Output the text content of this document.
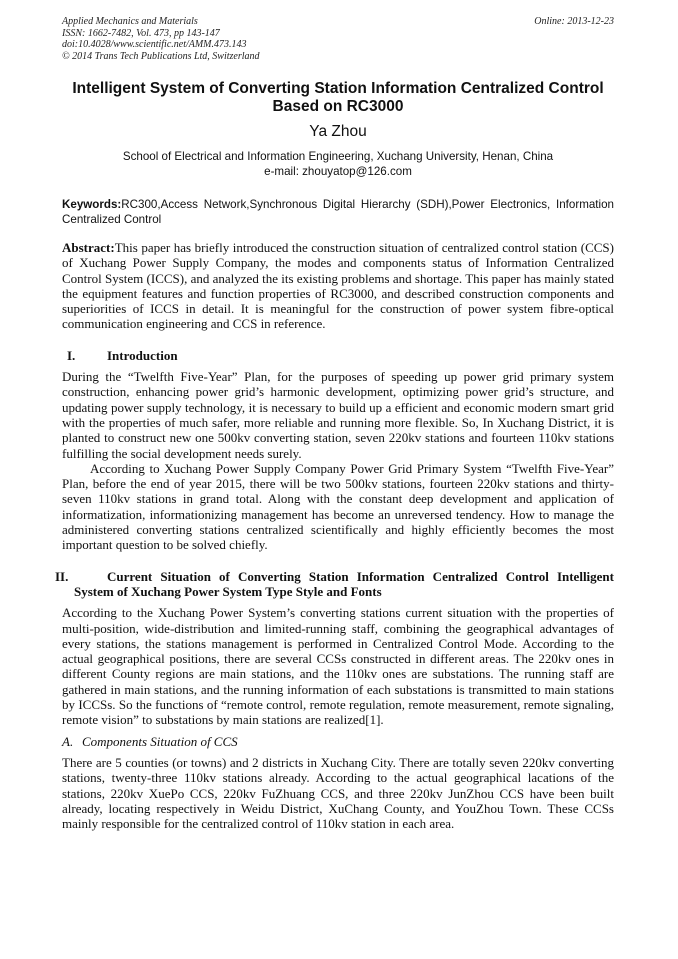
Applied Mechanics and Materials
ISSN: 1662-7482, Vol. 473, pp 143-147
doi:10.4028/www.scientific.net/AMM.473.143
© 2014 Trans Tech Publications Ltd, Switzerland
Online: 2013-12-23
Intelligent System of Converting Station Information Centralized Control
Based on RC3000
Ya Zhou
School of Electrical and Information Engineering, Xuchang University, Henan, China
e-mail: zhouyatop@126.com
Keywords:RC300,Access Network,Synchronous Digital Hierarchy (SDH),Power Electronics, Information Centralized Control

Abstract:This paper has briefly introduced the construction situation of centralized control station (CCS) of Xuchang Power Supply Company, the modes and components status of Information Centralized Control System (ICCS), and analyzed the its existing problems and shortage. This paper has mainly stated the equipment features and function properties of RC3000, and described construction components and superiorities of ICCS in detail. It is meaningful for the construction of power system fibre-optical communication engineering and CCS in reference.

I. Introduction

During the “Twelfth Five-Year” Plan, for the purposes of speeding up power grid primary system construction, enhancing power grid’s harmonic development, optimizing power grid’s structure, and updating power supply technology, it is necessary to build up a efficient and economic modern smart grid with the properties of much safer, more reliable and running more flexible. So, In Xuchang District, it is planted to construct new one 500kv converting station, seven 220kv stations and fourteen 110kv stations fulfilling the social development needs surely.

According to Xuchang Power Supply Company Power Grid Primary System “Twelfth Five-Year” Plan, before the end of year 2015, there will be two 500kv stations, fourteen 220kv stations and thirty-seven 110kv stations in grand total. Along with the constant deep development and application of informatization, informationizing management has become an unreversed tendency. How to manage the administered converting stations centralized scientifically and highly efficiently becomes the most important question to be solved chiefly.

II.	Current Situation of Converting Station Information Centralized Control Intelligent System of Xuchang Power System Type Style and Fonts

According to the Xuchang Power System’s converting stations current situation with the properties of multi-position, wide-distribution and limited-running staff, combining the geographical advantages of every stations, the stations management is performed in Centralized Control Mode. According to the actual geographical positions, there are several CCSs constructed in different areas. The 220kv ones in different County regions are main stations, and the 110kv ones are substations. The running staff are gathered in main stations, and the running information of each substations is transmitted to main stations by ICCSs. So the functions of “remote control, remote regulation, remote measurement, remote signaling, remote vision” to substations by main stations are realized[1].

A. Components Situation of CCS

There are 5 counties (or towns) and 2 districts in Xuchang City. There are totally seven 220kv converting stations, twenty-three 110kv stations already. According to the actual geographical lacations of the stations, 220kv XuePo CCS, 220kv FuZhuang CCS, and three 220kv JunZhou CCS have been built already, locating respectively in Weidu District, XuChang County, and YouZhou Town. These CCSs mainly responsible for the centralized control of 110kv station in each area.
